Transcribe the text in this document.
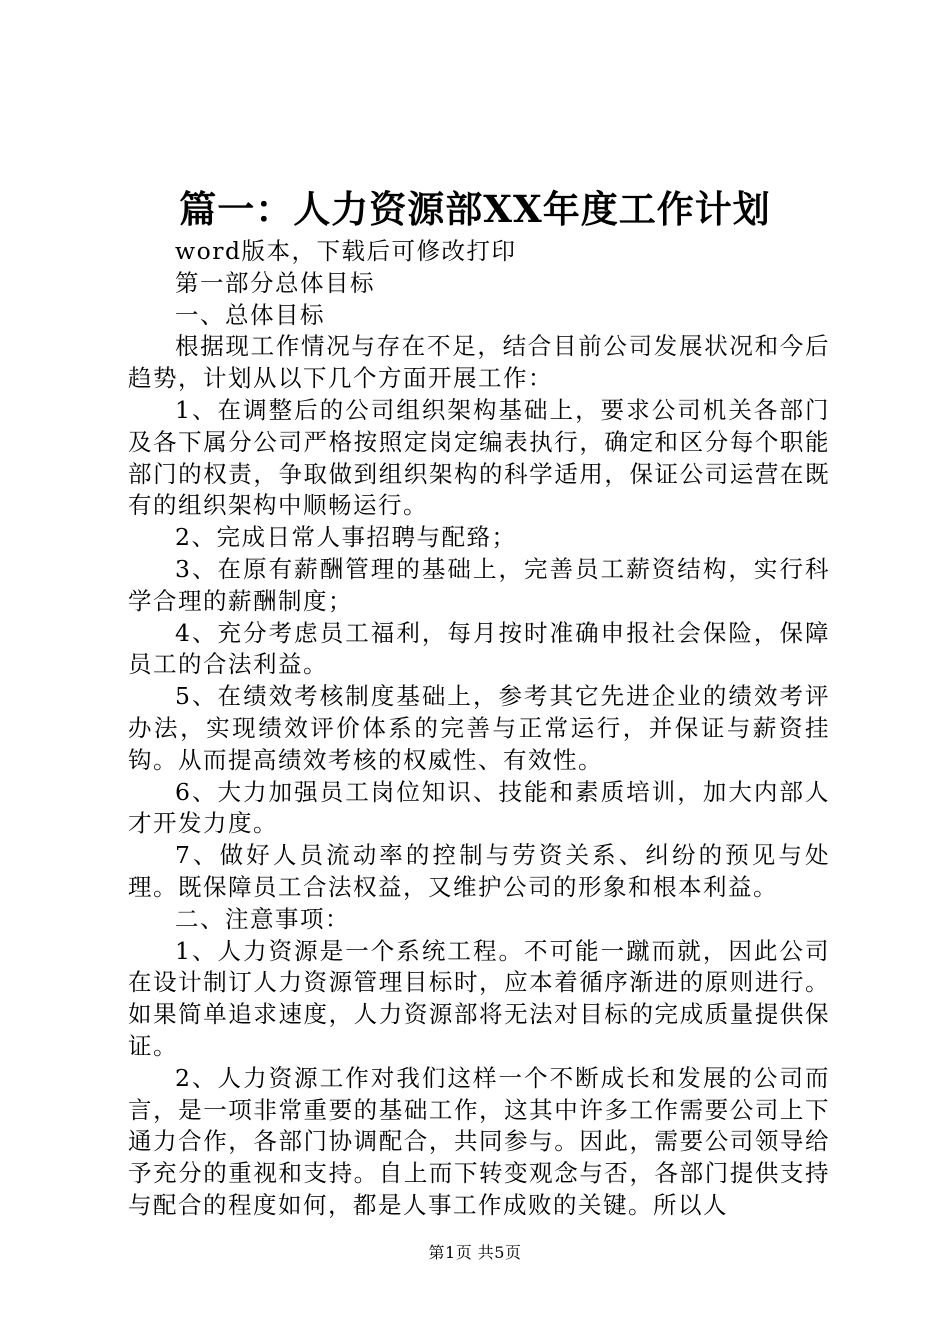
篇一：人力资源部XX年度工作计划

word版本，下载后可修改打印

第一部分总体目标

一、总体目标

根据现工作情况与存在不足，结合目前公司发展状况和今后趋势，计划从以下几个方面开展工作：

1、在调整后的公司组织架构基础上，要求公司机关各部门及各下属分公司严格按照定岗定编表执行，确定和区分每个职能部门的权责，争取做到组织架构的科学适用，保证公司运营在既有的组织架构中顺畅运行。

2、完成日常人事招聘与配臵；

3、在原有薪酬管理的基础上，完善员工薪资结构，实行科学合理的薪酬制度；

4、充分考虑员工福利，每月按时准确申报社会保险，保障员工的合法利益。

5、在绩效考核制度基础上，参考其它先进企业的绩效考评办法，实现绩效评价体系的完善与正常运行，并保证与薪资挂钩。从而提高绩效考核的权威性、有效性。

6、大力加强员工岗位知识、技能和素质培训，加大内部人才开发力度。

7、做好人员流动率的控制与劳资关系、纠纷的预见与处理。既保障员工合法权益，又维护公司的形象和根本利益。

二、注意事项：

1、人力资源是一个系统工程。不可能一蹴而就，因此公司在设计制订人力资源管理目标时，应本着循序渐进的原则进行。如果简单追求速度，人力资源部将无法对目标的完成质量提供保证。

2、人力资源工作对我们这样一个不断成长和发展的公司而言，是一项非常重要的基础工作，这其中许多工作需要公司上下通力合作，各部门协调配合，共同参与。因此，需要公司领导给予充分的重视和支持。自上而下转变观念与否，各部门提供支持与配合的程度如何，都是人事工作成败的关键。所以人

第1页 共5页
